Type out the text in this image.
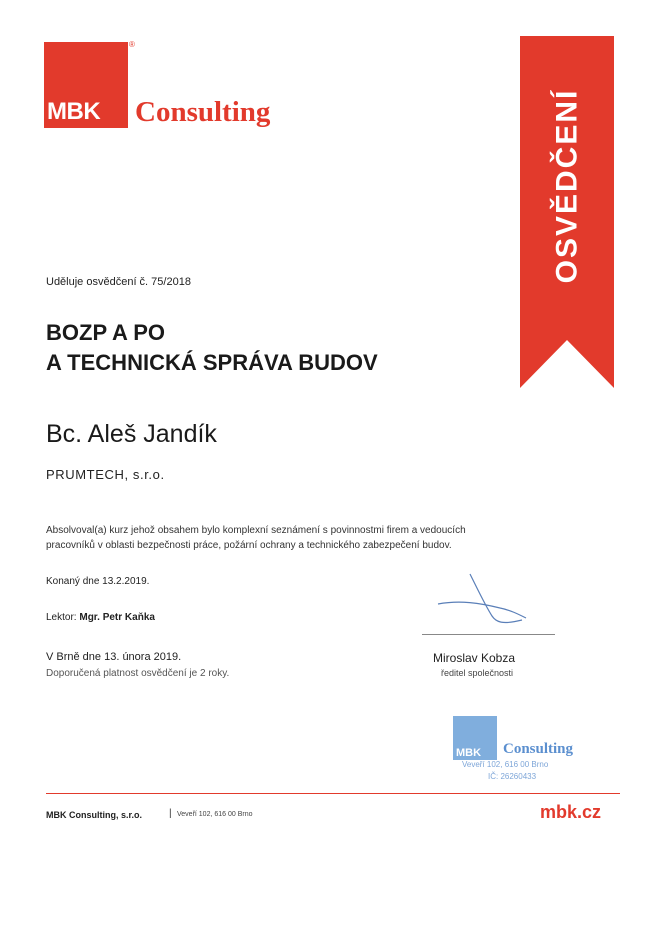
MBK
®
Consulting	OSVĚDČENÍ
Uděluje osvědčení č. 75/2018
BOZP A PO
A TECHNICKÁ SPRÁVA BUDOV
Bc. Aleš Jandík
PRUMTECH, s.r.o.
Absolvoval(a) kurz jehož obsahem bylo komplexní seznámení s povinnostmi firem a vedoucích
pracovníků v oblasti bezpečnosti práce, požární ochrany a technického zabezpečení budov.
Konaný dne 13.2.2019.
Lektor: Mgr. Petr Kaňka
V Brně dne 13. února 2019.
Doporučená platnost osvědčení je 2 roky.
Miroslav Kobza
ředitel společnosti
MBK Consulting
Veveří 102, 616 00 Brno
IČ: 26260433
MBK Consulting, s.r.o.	| Veveří 102, 616 00 Brno	mbk.cz
